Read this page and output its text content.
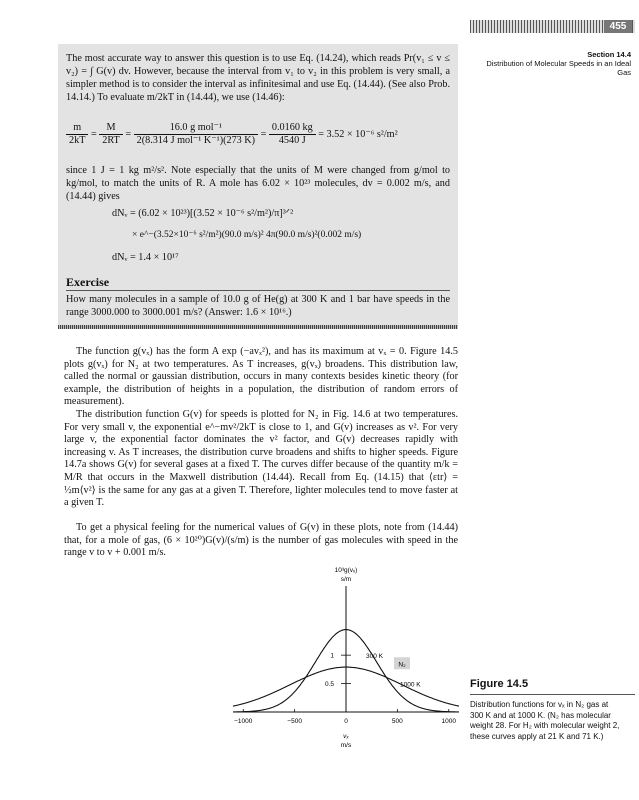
455
Section 14.4
Distribution of Molecular Speeds in an Ideal Gas
The most accurate way to answer this question is to use Eq. (14.24), which reads Pr(v₁ ≤ v ≤ v₂) = ∫ G(v) dv. However, because the interval from v₁ to v₂ in this problem is very small, a simpler method is to consider the interval as infinitesimal and use Eq. (14.44). (See also Prob. 14.14.) To evaluate m/2kT in (14.44), we use (14.46):
$\frac{m}{2kT} = \frac{M}{2RT} = \frac{\text{16.0 g mol⁻¹}}{\text{2(8.314 J mol⁻¹ K⁻¹)(273 K)}} = \frac{0.0160 kg}{4540 J} = 3.52 \times 10^{-6}$ s²/m²
since 1 J = 1 kg m²/s². Note especially that the units of M were changed from g/mol to kg/mol, to match the units of R. A mole has 6.02 × 10²³ molecules, dv = 0.002 m/s, and (14.44) gives
dNᵥ = (6.02 × 10²³)[(3.52 × 10⁻⁶ s²/m²)/π]³ᐟ²
× e^−(3.52×10⁻⁶ s²/m²)(90.0 m/s)² 4π(90.0 m/s)²(0.002 m/s)
dNᵥ = 1.4 × 10¹⁷
Exercise
How many molecules in a sample of 10.0 g of He(g) at 300 K and 1 bar have speeds in the range 3000.000 to 3000.001 m/s? (Answer: 1.6 × 10¹⁶.)
The function g(vₓ) has the form A exp (−avₓ²), and has its maximum at vₓ = 0. Figure 14.5 plots g(vₓ) for N₂ at two temperatures. As T increases, g(vₓ) broadens. This distribution law, called the normal or gaussian distribution, occurs in many contexts besides kinetic theory (for example, the distribution of heights in a population, the distribution of random errors of measurement).
The distribution function G(v) for speeds is plotted for N₂ in Fig. 14.6 at two temperatures. For very small v, the exponential e^−mv²/2kT is close to 1, and G(v) increases as v². For very large v, the exponential factor dominates the v² factor, and G(v) decreases rapidly with increasing v. As T increases, the distribution curve broadens and shifts to higher speeds. Figure 14.7a shows G(v) for several gases at a fixed T. The curves differ because of the quantity m/k = M/R that occurs in the Maxwell distribution (14.44). Recall from Eq. (14.15) that ⟨εtr⟩ = ½m⟨v²⟩ is the same for any gas at a given T. Therefore, lighter molecules tend to move faster at a given T.
To get a physical feeling for the numerical values of G(v) in these plots, note from (14.44) that, for a mole of gas, (6 × 10²⁰)G(v)/(s/m) is the number of gas molecules with speed in the range v to v + 0.001 m/s.
10³g(vₓ)
s/m
−1000	−500	0	500	1000
0.5
1
vₓ
m/s
300 K
1000 K
N₂
Figure 14.5
Distribution functions for vₓ in N₂ gas at 300 K and at 1000 K. (N₂ has molecular weight 28. For H₂ with molecular weight 2, these curves apply at 21 K and 71 K.)
